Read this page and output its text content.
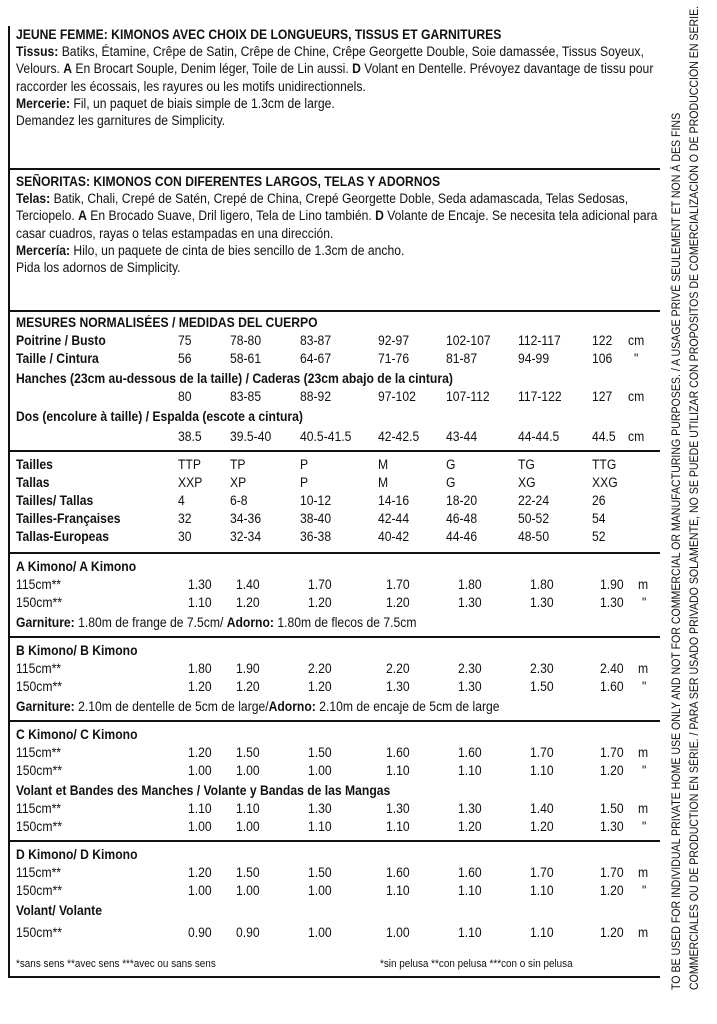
JEUNE FEMME: KIMONOS AVEC CHOIX DE LONGUEURS, TISSUS ET GARNITURES
Tissus: Batiks, Étamine, Crêpe de Satin, Crêpe de Chine, Crêpe Georgette Double, Soie damassée, Tissus Soyeux, Velours. A En Brocart Souple, Denim léger, Toile de Lin aussi. D Volant en Dentelle. Prévoyez davantage de tissu pour raccorder les écossais, les rayures ou les motifs unidirectionnels.
Mercerie: Fil, un paquet de biais simple de 1.3cm de large.
Demandez les garnitures de Simplicity.
SEÑORITAS: KIMONOS CON DIFERENTES LARGOS, TELAS Y ADORNOS
Telas: Batik, Chali, Crepé de Satén, Crepé de China, Crepé Georgette Doble, Seda adamascada, Telas Sedosas, Terciopelo. A En Brocado Suave, Dril ligero, Tela de Lino también. D Volante de Encaje. Se necesita tela adicional para casar cuadros, rayas o telas estampadas en una dirección.
Mercería: Hilo, un paquete de cinta de bies sencillo de 1.3cm de ancho.
Pida los adornos de Simplicity.
MESURES NORMALISÉES / MEDIDAS DEL CUERPO
Poitrine / Busto	75	78-80	83-87	92-97	102-107 112-117 122 cm
Taille / Cintura	56	58-61	64-67	71-76	81-87	94-99	106 "
Hanches (23cm au-dessous de la taille) / Caderas (23cm abajo de la cintura)
80	83-85	88-92	97-102 107-112 117-122 127 cm
Dos (encolure à taille) / Espalda (escote a cintura)
38.5 39.5-40 40.5-41.5 42-42.5 43-44	44-44.5 44.5 cm
Tailles	TTP TP	P	M	G	TG	TTG
Tallas	XXP XP	P	M	G	XG	XXG
Tailles/ Tallas	4	6-8	10-12	14-16	18-20	22-24	26
Tailles-Françaises	32	34-36	38-40	42-44	46-48	50-52	54
Tallas-Europeas	30	32-34	36-38	40-42	44-46	48-50	52
A Kimono/ A Kimono
115cm**	1.30 1.40	1.70	1.70	1.80	1.80	1.90 m
150cm**	1.10 1.20	1.20	1.20	1.30	1.30	1.30 "
Garniture: 1.80m de frange de 7.5cm/ Adorno: 1.80m de flecos de 7.5cm
B Kimono/ B Kimono
115cm**	1.80 1.90	2.20	2.20	2.30	2.30	2.40 m
150cm**	1.20 1.20	1.20	1.30	1.30	1.50	1.60 "
Garniture: 2.10m de dentelle de 5cm de large/Adorno: 2.10m de encaje de 5cm de large
C Kimono/ C Kimono
115cm**	1.20 1.50	1.50	1.60	1.60	1.70	1.70 m
150cm**	1.00 1.00	1.00	1.10	1.10	1.10	1.20 "
Volant et Bandes des Manches / Volante y Bandas de las Mangas
115cm**	1.10 1.10	1.30	1.30	1.30	1.40	1.50 m
150cm**	1.00 1.00	1.10	1.10	1.20	1.20	1.30 "
D Kimono/ D Kimono
115cm**	1.20 1.50	1.50	1.60	1.60	1.70	1.70 m
150cm**	1.00 1.00	1.00	1.10	1.10	1.10	1.20 "
Volant/ Volante
150cm**	0.90 0.90	1.00	1.00	1.10	1.10	1.20 m
*sans sens **avec sens ***avec ou sans sens	*sin pelusa **con pelusa ***con o sin pelusa	TO BE USED FOR INDIVIDUAL PRIVATE HOME USE ONLY AND NOT FOR COMMERCIAL OR MANUFACTURING PURPOSES. / A USAGE PRIVÉ SEULEMENT ET NON À DES FINS COMMERCIALES OU DE PRODUCTION EN SÉRIE. / PARA SER USADO PRIVADO SOLAMENTE, NO SE PUEDE UTILIZAR CON PROPÓSITOS DE COMERCIALIZACIÓN O DE PRODUCCIÓN EN SERIE.
